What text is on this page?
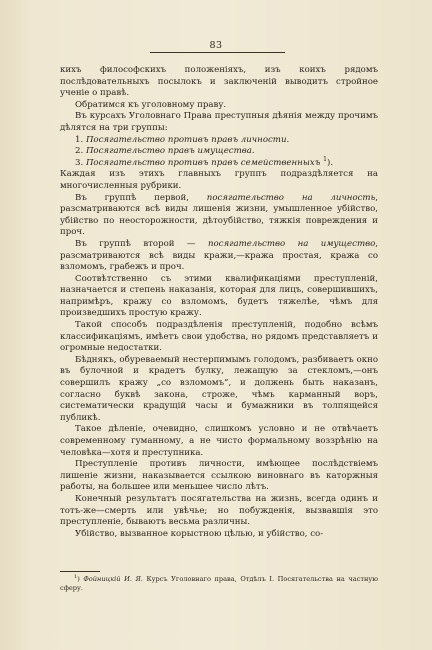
83

кихъ философскихъ положенiяхъ, изъ коихъ рядомъ послѣдовательныхъ посылокъ и заключенiй выводитъ стройное ученiе о правѣ.

Обратимся къ уголовному праву.

Въ курсахъ Уголовнаго Права преступныя дѣянiя между прочимъ дѣлятся на три группы:

1. Посягательство противъ правъ личности.

2. Посягательство правъ имущества.

3. Посягательство противъ правъ семейственныхъ $^1$).

Каждая изъ этихъ главныхъ группъ подраздѣляется на многочисленныя рубрики.

Въ группѣ первой, посягательство на личность, разсматриваются всѣ виды лишенiя жизни, умышленное убiйство, убiйство по неосторожности, дѣтоубiйство, тяжкiя повреждения и проч.

Въ группѣ второй — посягательство на имущество, разсматриваются всѣ виды кражи,—кража простая, кража со взломомъ, грабежъ и проч.

Соотвѣтственно съ этими квалификацiями преступленiй, назначается и степень наказанiя, которая для лицъ, совершившихъ, напримѣръ, кражу со взломомъ, будетъ тяжелѣе, чѣмъ для произведшихъ простую кражу.

Такой способъ подраздѣленiя преступленiй, подобно всѣмъ классификацiямъ, имѣетъ свои удобства, но рядомъ представляетъ и огромные недостатки.

Бѣднякъ, обуреваемый нестерпимымъ голодомъ, разбиваетъ окно въ булочной и крадетъ булку, лежащую за стекломъ,—онъ совершилъ кражу „со взломомъ“, и должень быть наказанъ, согласно буквѣ закона, строже, чѣмъ карманный воръ, систематически крадущiй часы и бумажники въ толпящейся публикѣ.

Такое дѣленiе, очевидно, слишкомъ условно и не отвѣчаетъ современному гуманному, а не чисто формальному воззрѣнiю на человѣка—хотя и преступника.

Преступленiе противъ личности, имѣющее послѣдствiемъ лишенiе жизни, наказывается ссылкою виновнаго въ каторжныя работы, на большее или меньшее число лѣтъ.

Конечный результатъ посягательства на жизнь, всегда одинъ и тотъ-же—смерть или увѣчье; но побужденiя, вызвавшiя это преступленiе, бываютъ весьма различны.

Убiйство, вызванное корыстною цѣлью, и убiйство, со-

$^1$) Фойницкiй И. Я. Курсъ Уголовнаго права, Отдѣлъ I. Посягательства на частную сферу.
